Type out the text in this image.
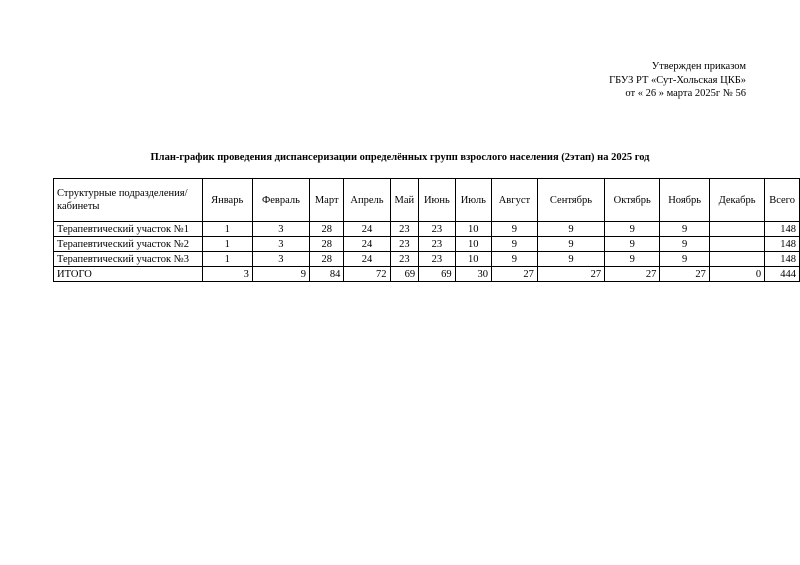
Утвержден приказом
ГБУЗ РТ «Сут-Хольская ЦКБ»
от « 26 » марта 2025г № 56
План-график проведения диспансеризации определённых групп взрослого населения (2этап) на 2025 год
Структурные подразделения/ кабинеты	Январь	Февраль	Март	Апрель	Май	Июнь	Июль	Август	Сентябрь	Октябрь	Ноябрь	Декабрь	Всего
Терапевтический участок №1	1	3	28	24	23	23	10	9	9	9	9		148
Терапевтический участок №2	1	3	28	24	23	23	10	9	9	9	9		148
Терапевтический участок №3	1	3	28	24	23	23	10	9	9	9	9		148
ИТОГО	3	9	84	72	69	69	30	27	27	27	27	0	444
